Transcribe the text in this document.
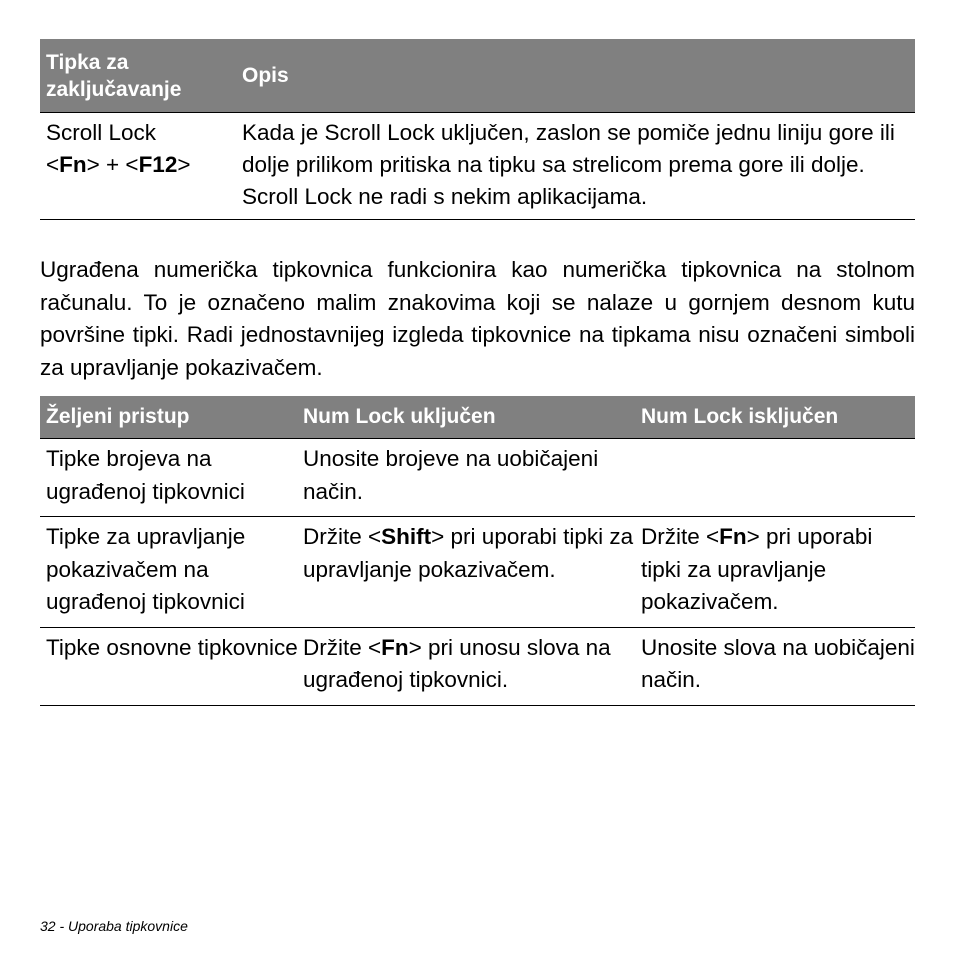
Tipka za zaključavanje
Opis
Scroll Lock
<Fn> + <F12>
Kada je Scroll Lock uključen, zaslon se pomiče jednu liniju gore ili dolje prilikom pritiska na tipku sa strelicom prema gore ili dolje. Scroll Lock ne radi s nekim aplikacijama.
Ugrađena numerička tipkovnica funkcionira kao numerička tipkovnica na stolnom računalu. To je označeno malim znakovima koji se nalaze u gornjem desnom kutu površine tipki. Radi jednostavnijeg izgleda tipkovnice na tipkama nisu označeni simboli za upravljanje pokazivačem.
Željeni pristup	Num Lock uključen	Num Lock isključen
Tipke brojeva na ugrađenoj tipkovnici
Unosite brojeve na uobičajeni način.
Tipke za upravljanje pokazivačem na ugrađenoj tipkovnici
Držite <Shift> pri uporabi tipki za upravljanje pokazivačem.
Držite <Fn> pri uporabi tipki za upravljanje pokazivačem.
Tipke osnovne tipkovnice Držite <Fn> pri unosu slova na ugrađenoj tipkovnici.
Unosite slova na uobičajeni način.
32 - Uporaba tipkovnice
